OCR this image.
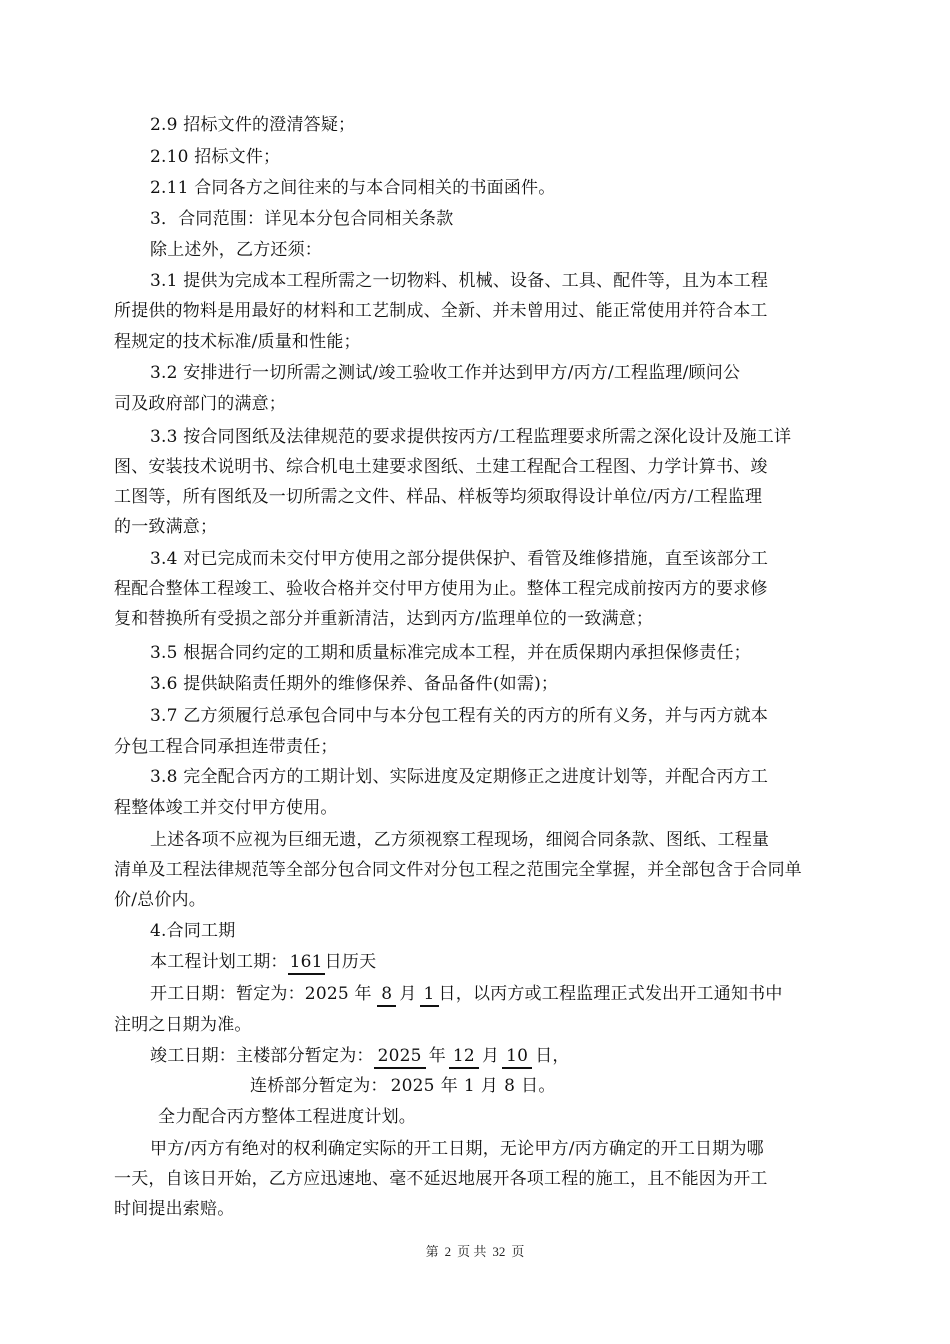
2.9 招标文件的澄清答疑；
2.10 招标文件；
2.11 合同各方之间往来的与本合同相关的书面函件。
3．合同范围：详见本分包合同相关条款
除上述外，乙方还须：
3.1 提供为完成本工程所需之一切物料、机械、设备、工具、配件等，且为本工程
所提供的物料是用最好的材料和工艺制成、全新、并未曾用过、能正常使用并符合本工
程规定的技术标准/质量和性能；
3.2 安排进行一切所需之测试/竣工验收工作并达到甲方/丙方/工程监理/顾问公
司及政府部门的满意；
3.3 按合同图纸及法律规范的要求提供按丙方/工程监理要求所需之深化设计及施工详
图、安装技术说明书、综合机电土建要求图纸、土建工程配合工程图、力学计算书、竣
工图等，所有图纸及一切所需之文件、样品、样板等均须取得设计单位/丙方/工程监理
的一致满意；
3.4 对已完成而未交付甲方使用之部分提供保护、看管及维修措施，直至该部分工
程配合整体工程竣工、验收合格并交付甲方使用为止。整体工程完成前按丙方的要求修
复和替换所有受损之部分并重新清洁，达到丙方/监理单位的一致满意；
3.5 根据合同约定的工期和质量标准完成本工程，并在质保期内承担保修责任；
3.6 提供缺陷责任期外的维修保养、备品备件(如需)；
3.7 乙方须履行总承包合同中与本分包工程有关的丙方的所有义务，并与丙方就本
分包工程合同承担连带责任；
3.8 完全配合丙方的工期计划、实际进度及定期修正之进度计划等，并配合丙方工
程整体竣工并交付甲方使用。
上述各项不应视为巨细无遗，乙方须视察工程现场，细阅合同条款、图纸、工程量
清单及工程法律规范等全部分包合同文件对分包工程之范围完全掌握，并全部包含于合同单
价/总价内。
4.合同工期
本工程计划工期： 161 日历天
开工日期：暂定为：2025 年 8 月 1 日，以丙方或工程监理正式发出开工通知书中
注明之日期为准。
竣工日期：主楼部分暂定为： 2025 年 12 月 10 日，
连桥部分暂定为： 2025 年 1 月 8 日。
全力配合丙方整体工程进度计划。
甲方/丙方有绝对的权利确定实际的开工日期，无论甲方/丙方确定的开工日期为哪
一天，自该日开始，乙方应迅速地、毫不延迟地展开各项工程的施工，且不能因为开工
时间提出索赔。
第 2 页 共 32 页
